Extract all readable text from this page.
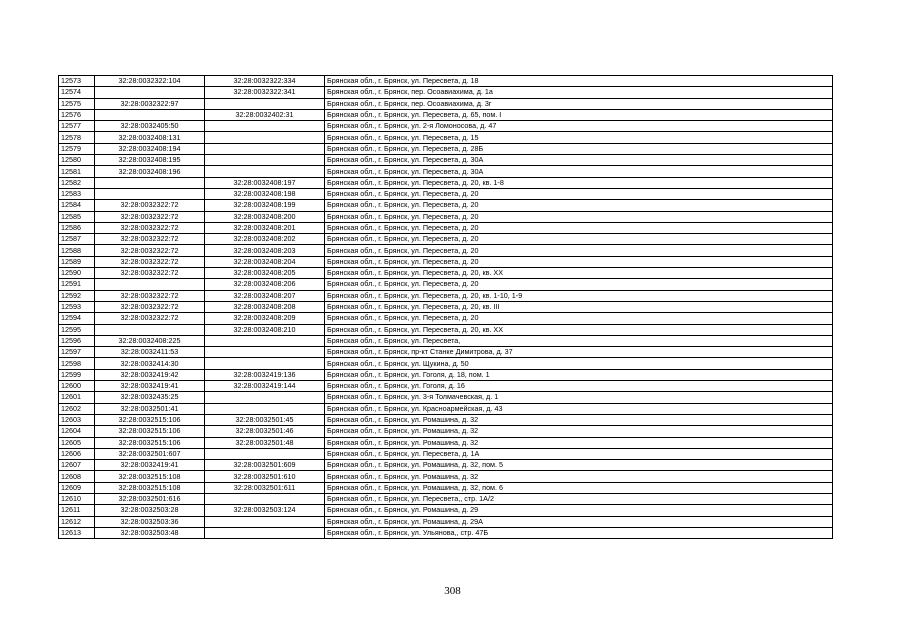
12573	32:28:0032322:104	32:28:0032322:334	Брянская обл., г. Брянск, ул. Пересвета, д. 18
12574		32:28:0032322:341	Брянская обл., г. Брянск, пер. Осоавиахима, д. 1а
12575	32:28:0032322:97		Брянская обл., г. Брянск, пер. Осоавиахима, д. 3г
12576		32:28:0032402:31	Брянская обл., г. Брянск, ул. Пересвета, д. 65, пом. I
12577	32:28:0032405:50		Брянская обл., г. Брянск, ул. 2-я Ломоносова, д. 47
12578	32:28:0032408:131		Брянская обл., г. Брянск, ул. Пересвета, д. 15
12579	32:28:0032408:194		Брянская обл., г. Брянск, ул. Пересвета, д. 28Б
12580	32:28:0032408:195		Брянская обл., г. Брянск, ул. Пересвета, д. 30А
12581	32:28:0032408:196		Брянская обл., г. Брянск, ул. Пересвета, д. 30А
12582		32:28:0032408:197	Брянская обл., г. Брянск, ул. Пересвета, д. 20, кв. 1-8
12583		32:28:0032408:198	Брянская обл., г. Брянск, ул. Пересвета, д. 20
12584	32:28:0032322:72	32:28:0032408:199	Брянская обл., г. Брянск, ул. Пересвета, д. 20
12585	32:28:0032322:72	32:28:0032408:200	Брянская обл., г. Брянск, ул. Пересвета, д. 20
12586	32:28:0032322:72	32:28:0032408:201	Брянская обл., г. Брянск, ул. Пересвета, д. 20
12587	32:28:0032322:72	32:28:0032408:202	Брянская обл., г. Брянск, ул. Пересвета, д. 20
12588	32:28:0032322:72	32:28:0032408:203	Брянская обл., г. Брянск, ул. Пересвета, д. 20
12589	32:28:0032322:72	32:28:0032408:204	Брянская обл., г. Брянск, ул. Пересвета, д. 20
12590	32:28:0032322:72	32:28:0032408:205	Брянская обл., г. Брянск, ул. Пересвета, д. 20, кв. XX
12591		32:28:0032408:206	Брянская обл., г. Брянск, ул. Пересвета, д. 20
12592	32:28:0032322:72	32:28:0032408:207	Брянская обл., г. Брянск, ул. Пересвета, д. 20, кв. 1-10, 1-9
12593	32:28:0032322:72	32:28:0032408:208	Брянская обл., г. Брянск, ул. Пересвета, д. 20, кв. III
12594	32:28:0032322:72	32:28:0032408:209	Брянская обл., г. Брянск, ул. Пересвета, д. 20
12595		32:28:0032408:210	Брянская обл., г. Брянск, ул. Пересвета, д. 20, кв. XX
12596	32:28:0032408:225		Брянская обл., г. Брянск, ул. Пересвета,
12597	32:28:0032411:53		Брянская обл., г. Брянск, пр-кт Станке Димитрова, д. 37
12598	32:28:0032414:30		Брянская обл., г. Брянск, ул. Щукина, д. 50
12599	32:28:0032419:42	32:28:0032419:136	Брянская обл., г. Брянск, ул. Гоголя, д. 18, пом. 1
12600	32:28:0032419:41	32:28:0032419:144	Брянская обл., г. Брянск, ул. Гоголя, д. 16
12601	32:28:0032435:25		Брянская обл., г. Брянск, ул. 3-я Толмачевская, д. 1
12602	32:28:0032501:41		Брянская обл., г. Брянск, ул. Красноармейская, д. 43
12603	32:28:0032515:106	32:28:0032501:45	Брянская обл., г. Брянск, ул. Ромашина, д. 32
12604	32:28:0032515:106	32:28:0032501:46	Брянская обл., г. Брянск, ул. Ромашина, д. 32
12605	32:28:0032515:106	32:28:0032501:48	Брянская обл., г. Брянск, ул. Ромашина, д. 32
12606	32:28:0032501:607		Брянская обл., г. Брянск, ул. Пересвета, д. 1А
12607	32:28:0032419:41	32:28:0032501:609	Брянская обл., г. Брянск, ул. Ромашина, д. 32, пом. 5
12608	32:28:0032515:108	32:28:0032501:610	Брянская обл., г. Брянск, ул. Ромашина, д. 32
12609	32:28:0032515:108	32:28:0032501:611	Брянская обл., г. Брянск, ул. Ромашина, д. 32, пом. 6
12610	32:28:0032501:616		Брянская обл., г. Брянск, ул. Пересвета,, стр. 1А/2
12611	32:28:0032503:28	32:28:0032503:124	Брянская обл., г. Брянск, ул. Ромашина, д. 29
12612	32:28:0032503:36		Брянская обл., г. Брянск, ул. Ромашина, д. 29А
12613	32:28:0032503:48		Брянская обл., г. Брянск, ул. Ульянова,, стр. 47Б
308
